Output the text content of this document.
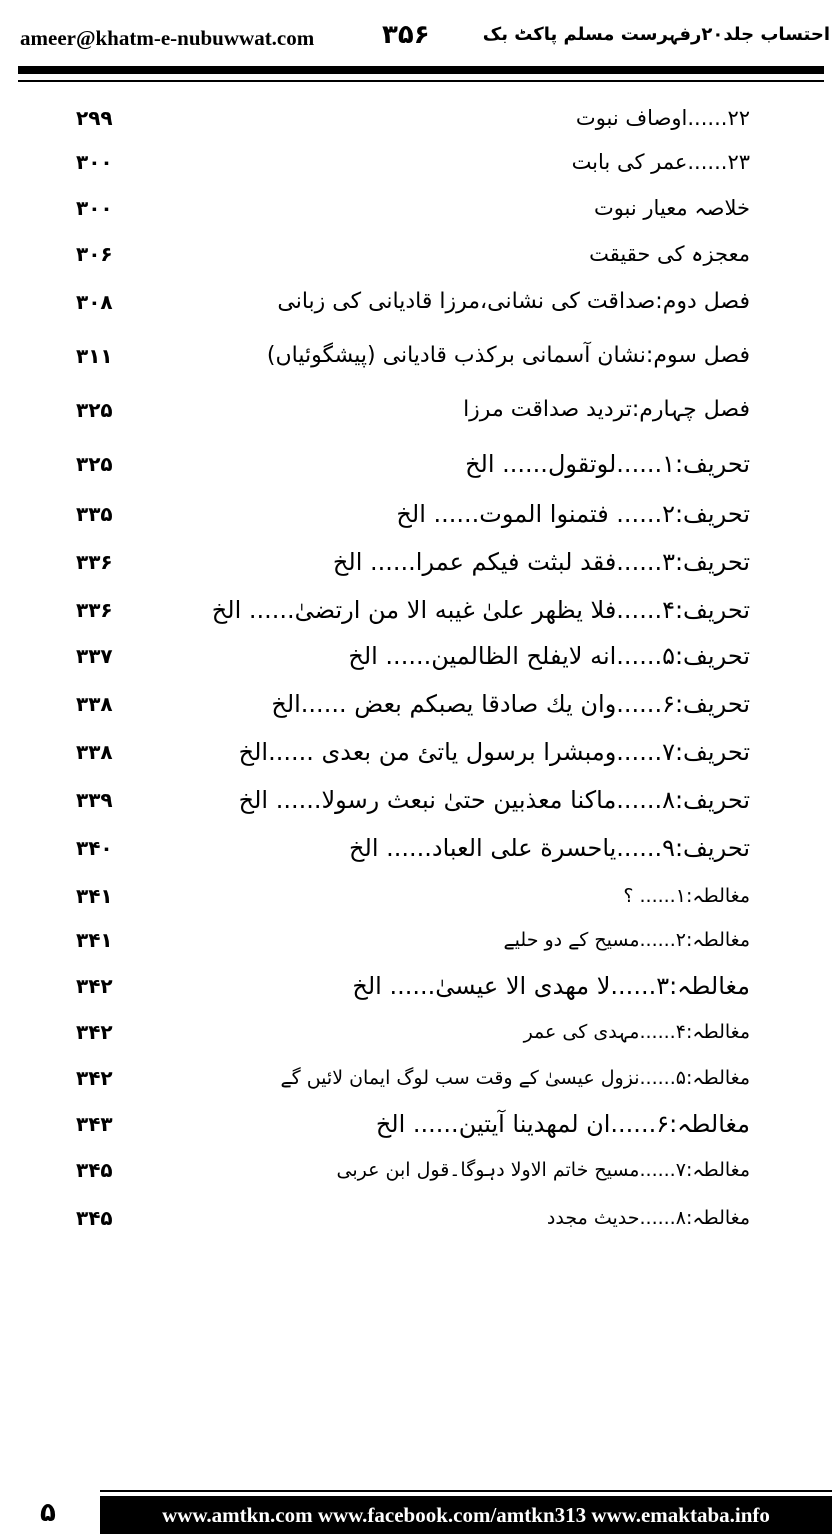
ameer@khatm-e-nubuwwat.com	۳۵۶	احتساب جلد۲۰رفہرست مسلم پاکٹ بک
۲۹۹	۲۲......اوصاف نبوت
۳۰۰	۲۳......عمر کی بابت
۳۰۰	خلاصہ معیار نبوت
۳۰۶	معجزہ کی حقیقت
۳۰۸	فصل دوم:صداقت کی نشانی،مرزا قادیانی کی زبانی
۳۱۱	فصل سوم:نشان آسمانی برکذب قادیانی (پیشگوئیاں)
۳۲۵	فصل چہارم:تردید صداقت مرزا
۳۲۵	تحریف:۱......لوتقول...... الخ
۳۳۵	تحریف:۲...... فتمنوا الموت...... الخ
۳۳۶	تحریف:۳......فقد لبثت فيكم عمرا...... الخ
۳۳۶	تحریف:۴......فلا يظهر علىٰ غيبه الا من ارتضىٰ...... الخ
۳۳۷	تحریف:۵......انه لايفلح الظالمين...... الخ
۳۳۸	تحریف:۶......وان يك صادقا يصبكم بعض ......الخ
۳۳۸	تحریف:۷......ومبشرا برسول ياتئ من بعدى ......الخ
۳۳۹	تحریف:۸......ماكنا معذبين حتىٰ نبعث رسولا...... الخ
۳۴۰	تحریف:۹......ياحسرة على العباد...... الخ
۳۴۱	مغالطہ:۱...... ؟
۳۴۱	مغالطہ:۲......مسیح کے دو حلیے
۳۴۲	مغالطہ:۳......لا مهدى الا عيسىٰ...... الخ
۳۴۲	مغالطہ:۴......مہدی کی عمر
۳۴۲	مغالطہ:۵......نزول عیسیٰ کے وقت سب لوگ ایمان لائیں گے
۳۴۳	مغالطہ:۶......ان لمهدينا آيتين...... الخ
۳۴۵	مغالطہ:۷......مسیح خاتم الاولا دہوگا۔قول ابن عربی
۳۴۵	مغالطہ:۸......حدیث مجدد
۵	www.amtkn.com www.facebook.com/amtkn313 www.emaktaba.info
